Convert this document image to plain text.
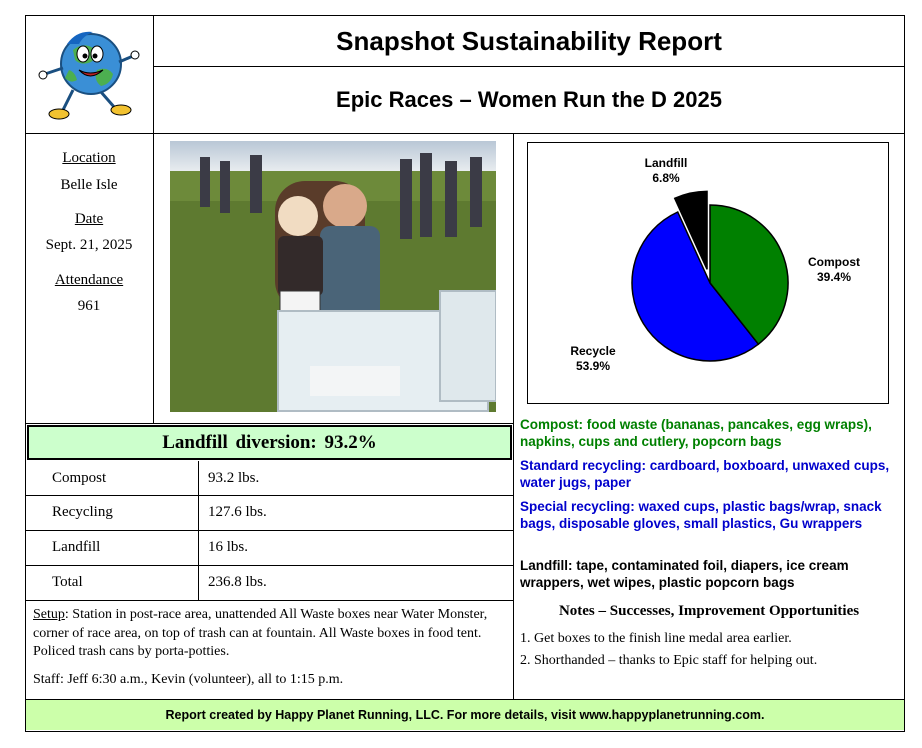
Snapshot Sustainability Report
Epic Races – Women Run the D 2025
Location
Belle Isle
Date
Sept. 21, 2025
Attendance
961
Compost
39.4%
Recycle
53.9%
Landfill
6.8%
Landfill diversion: 93.2%
Compost	93.2 lbs.
Recycling	127.6 lbs.
Landfill	16 lbs.
Total	236.8 lbs.
Setup: Station in post-race area, unattended All Waste boxes near Water Monster, corner of race area, on top of trash can at fountain. All Waste boxes in food tent. Policed trash cans by porta-potties.
Staff: Jeff 6:30 a.m., Kevin (volunteer), all to 1:15 p.m.
Compost: food waste (bananas, pancakes, egg wraps), napkins, cups and cutlery, popcorn bags
Standard recycling: cardboard, boxboard, unwaxed cups, water jugs, paper
Special recycling: waxed cups, plastic bags/wrap, snack bags, disposable gloves, small plastics, Gu wrappers
Landfill: tape, contaminated foil, diapers, ice cream wrappers, wet wipes, plastic popcorn bags
Notes – Successes, Improvement Opportunities
1. Get boxes to the finish line medal area earlier.
2. Shorthanded – thanks to Epic staff for helping out.
Report created by Happy Planet Running, LLC. For more details, visit www.happyplanetrunning.com.
